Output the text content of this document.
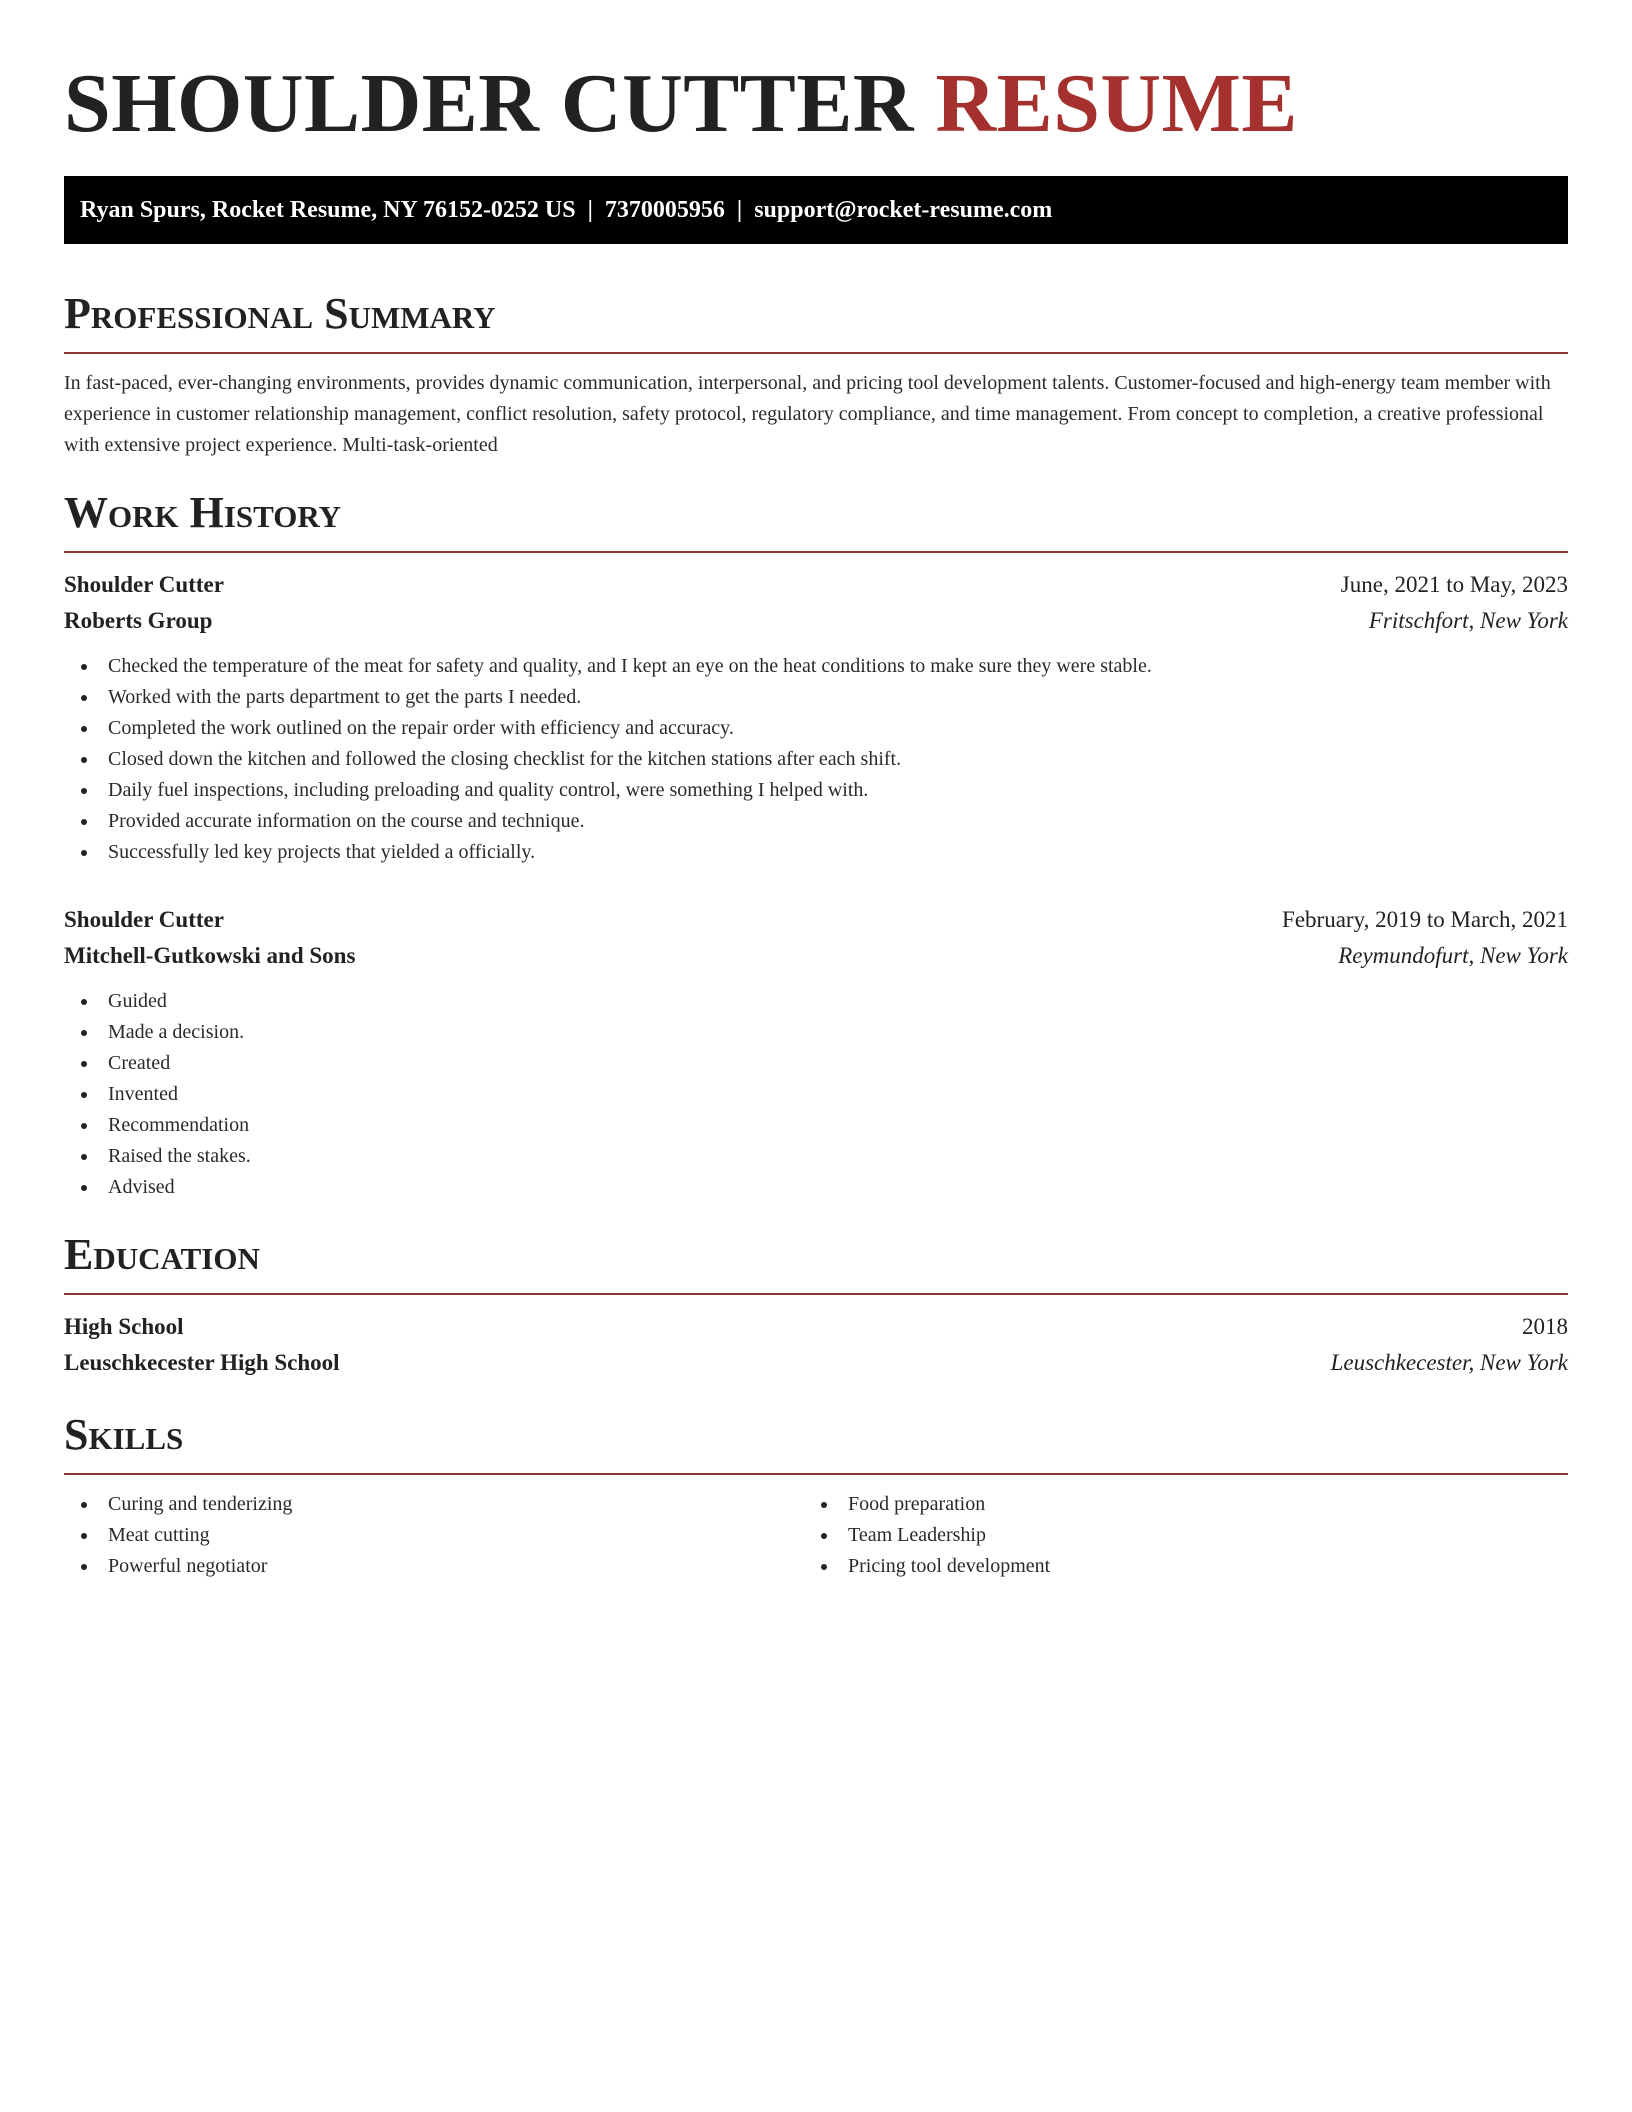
SHOULDER CUTTER RESUME
Ryan Spurs, Rocket Resume, NY 76152-0252 US | 7370005956 | support@rocket-resume.com
Professional Summary

In fast-paced, ever-changing environments, provides dynamic communication, interpersonal, and pricing tool development talents. Customer-focused and high-energy team member with experience in customer relationship management, conflict resolution, safety protocol, regulatory compliance, and time management. From concept to completion, a creative professional with extensive project experience. Multi-task-oriented

Work History
Shoulder Cutter	June, 2021 to May, 2023
Roberts Group	Fritschfort, New York
Checked the temperature of the meat for safety and quality, and I kept an eye on the heat conditions to make sure they were stable.
Worked with the parts department to get the parts I needed.
Completed the work outlined on the repair order with efficiency and accuracy.
Closed down the kitchen and followed the closing checklist for the kitchen stations after each shift.
Daily fuel inspections, including preloading and quality control, were something I helped with.
Provided accurate information on the course and technique.
Successfully led key projects that yielded a officially.
Shoulder Cutter	February, 2019 to March, 2021
Mitchell-Gutkowski and Sons	Reymundofurt, New York
Guided
Made a decision.
Created
Invented
Recommendation
Raised the stakes.
Advised
Education
High School	2018
Leuschkecester High School	Leuschkecester, New York
Skills
Curing and tenderizing
Meat cutting
Powerful negotiator
Food preparation
Team Leadership
Pricing tool development
